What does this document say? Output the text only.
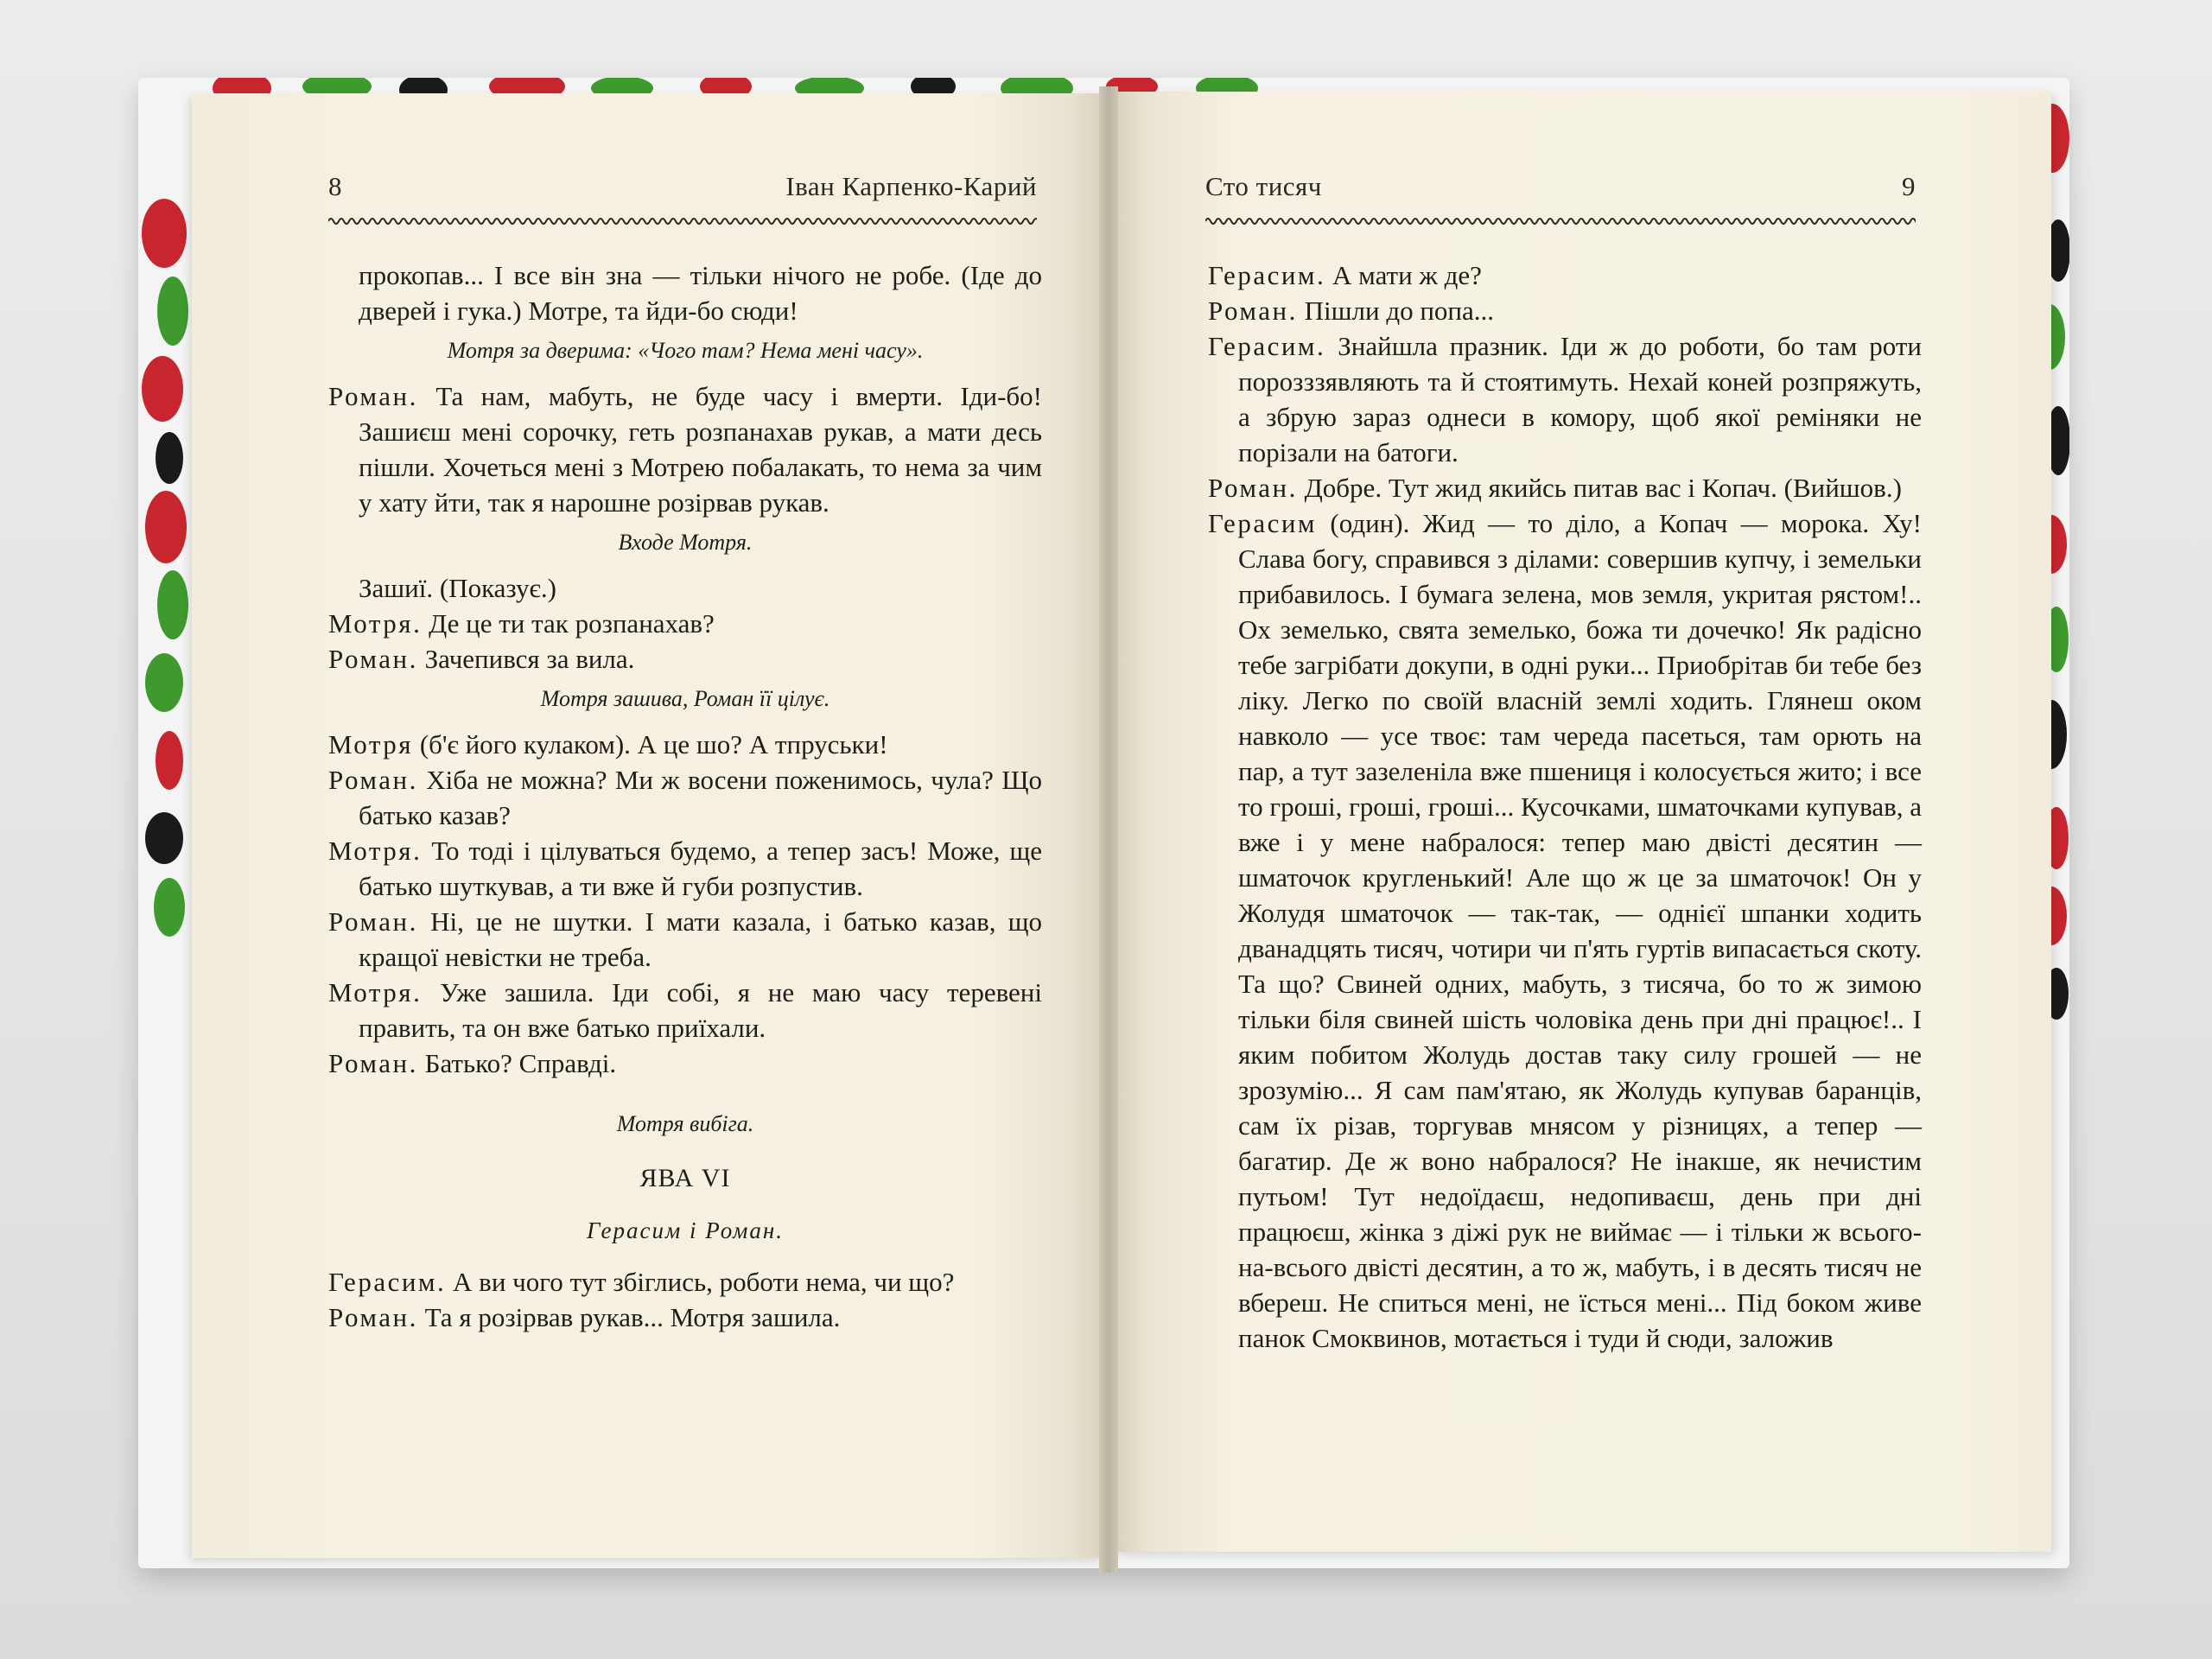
8	Іван Карпенко-Карий	Сто тисяч	9

прокопав... І все він зна — тільки нічого не робе. (Іде до дверей і гука.) Мотре, та йди-бо сюди!

Мотря за дверима: «Чого там? Нема мені часу».

Роман. Та нам, мабуть, не буде часу і вмерти. Іди-бо! Зашиєш мені сорочку, геть розпанахав рукав, а мати десь пішли. Хочеться мені з Мотрею побалакать, то нема за чим у хату йти, так я нарошне розірвав рукав.

Входе Мотря.

Зашиї. (Показує.)

Мотря. Де це ти так розпанахав?

Роман. Зачепився за вила.

Мотря зашива, Роман її цілує.

Мотря (б'є його кулаком). А це шо? А тпруськи!

Роман. Хіба не можна? Ми ж восени поженимось, чула? Що батько казав?

Мотря. То тоді і цілуваться будемо, а тепер засъ! Може, ще батько шуткував, а ти вже й губи розпустив.

Роман. Ні, це не шутки. І мати казала, і батько казав, що кращої невістки не треба.

Мотря. Уже зашила. Іди собі, я не маю часу теревені править, та он вже батько приїхали.

Роман. Батько? Справді.

Мотря вибіга.
ЯВА VI
Герасим і Роман.

Герасим. А ви чого тут збіглись, роботи нема, чи що?

Роман. Та я розірвав рукав... Мотря зашила.

Герасим. А мати ж де?

Роман. Пішли до попа...

Герасим. Знайшла празник. Іди ж до роботи, бо там роти порозззявляють та й стоятимуть. Нехай коней розпряжуть, а збрую зараз однеси в комору, щоб якої реміняки не порізали на батоги.

Роман. Добре. Тут жид якийсь питав вас і Копач. (Вийшов.)

Герасим (один). Жид — то діло, а Копач — морока. Ху! Слава богу, справився з ділами: совершив купчу, і земельки прибавилось. І бумага зелена, мов земля, укритая рястом!.. Ох земелько, свята земелько, божа ти дочечко! Як радісно тебе загрібати докупи, в одні руки... Приобрітав би тебе без ліку. Легко по своїй власній землі ходить. Глянеш оком навколо — усе твоє: там череда пасеться, там орють на пар, а тут зазеленіла вже пшениця і колосується жито; і все то гроші, гроші, гроші... Кусочками, шматочками купував, а вже і у мене набралося: тепер маю двісті десятин — шматочок кругленький! Але що ж це за шматочок! Он у Жолудя шматочок — так-так, — однієї шпанки ходить дванадцять тисяч, чотири чи п'ять гуртів випасається скоту. Та що? Свиней одних, мабуть, з тисяча, бо то ж зимою тільки біля свиней шість чоловіка день при дні працює!.. І яким побитом Жолудь достав таку силу грошей — не зрозумію... Я сам пам'ятаю, як Жолудь купував баранців, сам їх різав, торгував мнясом у різницях, а тепер — багатир. Де ж воно набралося? Не інакше, як нечистим путьом! Тут недоїдаєш, недопиваєш, день при дні працюєш, жінка з діжі рук не виймає — і тільки ж всього-на-всього двісті десятин, а то ж, мабуть, і в десять тисяч не вбереш. Не спиться мені, не їсться мені... Під боком живе панок Смоквинов, мотається і туди й сюди, заложив
